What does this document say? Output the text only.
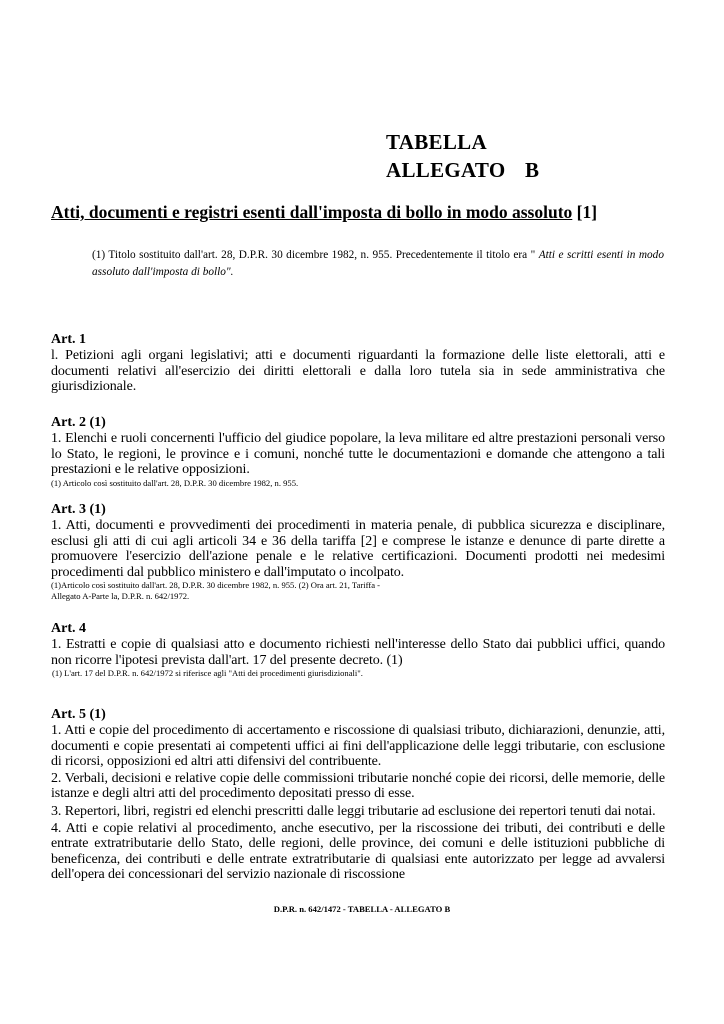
TABELLA
ALLEGATO B
Atti, documenti e registri esenti dall'imposta di bollo in modo assoluto [1]
(1) Titolo sostituito dall'art. 28, D.P.R. 30 dicembre 1982, n. 955. Precedentemente il titolo era " Atti e scritti esenti in modo assoluto dall'imposta di bollo".
Art. 1
l. Petizioni agli organi legislativi; atti e documenti riguardanti la formazione delle liste elettorali, atti e documenti relativi all'esercizio dei diritti elettorali e dalla loro tutela sia in sede amministrativa che giurisdizionale.
Art. 2 (1)
1. Elenchi e ruoli concernenti l'ufficio del giudice popolare, la leva militare ed altre prestazioni personali verso lo Stato, le regioni, le province e i comuni, nonché tutte le documentazioni e domande che attengono a tali prestazioni e le relative opposizioni.
(1) Articolo così sostituito dall'art. 28, D.P.R. 30 dicembre 1982, n. 955.
Art. 3 (1)
1. Atti, documenti e provvedimenti dei procedimenti in materia penale, di pubblica sicurezza e disciplinare, esclusi gli atti di cui agli articoli 34 e 36 della tariffa [2] e comprese le istanze e denunce di parte dirette a promuovere l'esercizio dell'azione penale e le relative certificazioni. Documenti prodotti nei medesimi procedimenti dal pubblico ministero e dall'imputato o incolpato.
(1)Articolo così sostituito dall'art. 28, D.P.R. 30 dicembre 1982, n. 955. (2) Ora art. 21, Tariffa -
Allegato A-Parte la, D.P.R. n. 642/1972.
Art. 4
1. Estratti e copie di qualsiasi atto e documento richiesti nell'interesse dello Stato dai pubblici uffici, quando non ricorre l'ipotesi prevista dall'art. 17 del presente decreto. (1)
(1) L'art. 17 del D.P.R. n. 642/1972 si riferisce agli "Atti dei procedimenti giurisdizionali".
Art. 5 (1)
1. Atti e copie del procedimento di accertamento e riscossione di qualsiasi tributo, dichiarazioni, denunzie, atti, documenti e copie presentati ai competenti uffici ai fini dell'applicazione delle leggi tributarie, con esclusione di ricorsi, opposizioni ed altri atti difensivi del contribuente.
2. Verbali, decisioni e relative copie delle commissioni tributarie nonché copie dei ricorsi, delle memorie, delle istanze e degli altri atti del procedimento depositati presso di esse.
3. Repertori, libri, registri ed elenchi prescritti dalle leggi tributarie ad esclusione dei repertori tenuti dai notai.
4. Atti e copie relativi al procedimento, anche esecutivo, per la riscossione dei tributi, dei contributi e delle entrate extratributarie dello Stato, delle regioni, delle province, dei comuni e delle istituzioni pubbliche di beneficenza, dei contributi e delle entrate extratributarie di qualsiasi ente autorizzato per legge ad avvalersi dell'opera dei concessionari del servizio nazionale di riscossione
D.P.R. n. 642/1472 - TABELLA - ALLEGATO B
